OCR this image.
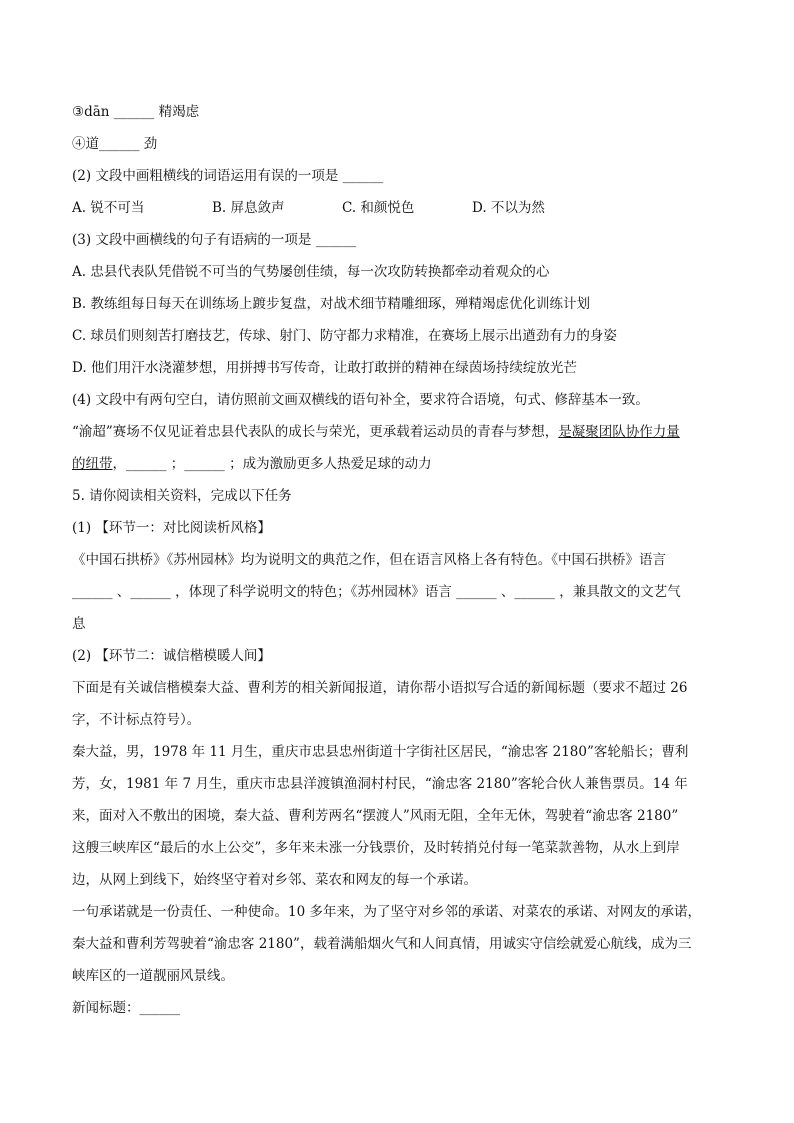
③dān ______ 精竭虑
④道______ 劲
(2) 文段中画粗横线的词语运用有误的一项是 ______
A. 锐不可当	B. 屏息敛声	C. 和颜悦色	D. 不以为然
(3) 文段中画横线的句子有语病的一项是 ______
A. 忠县代表队凭借锐不可当的气势屡创佳绩，每一次攻防转换都牵动着观众的心
B. 教练组每日每天在训练场上踱步复盘，对战术细节精雕细琢，殚精竭虑优化训练计划
C. 球员们则刻苦打磨技艺，传球、射门、防守都力求精准，在赛场上展示出遒劲有力的身姿
D. 他们用汗水浇灌梦想，用拼搏书写传奇，让敢打敢拼的精神在绿茵场持续绽放光芒
(4) 文段中有两句空白，请仿照前文画双横线的语句补全，要求符合语境，句式、修辞基本一致。
“渝超”赛场不仅见证着忠县代表队的成长与荣光，更承载着运动员的青春与梦想，是凝聚团队协作力量
的纽带，______ ；______ ；成为激励更多人热爱足球的动力
5. 请你阅读相关资料，完成以下任务
(1) 【环节一：对比阅读析风格】
《中国石拱桥》《苏州园林》均为说明文的典范之作，但在语言风格上各有特色。《中国石拱桥》语言
______ 、______ ，体现了科学说明文的特色；《苏州园林》语言 ______ 、______ ，兼具散文的文艺气
息
(2) 【环节二：诚信楷模暖人间】
下面是有关诚信楷模秦大益、曹利芳的相关新闻报道，请你帮小语拟写合适的新闻标题（要求不超过 26
字，不计标点符号）。
秦大益，男，1978 年 11 月生，重庆市忠县忠州街道十字街社区居民，“渝忠客 2180”客轮船长；曹利
芳，女，1981 年 7 月生，重庆市忠县洋渡镇渔洞村村民，“渝忠客 2180”客轮合伙人兼售票员。14 年
来，面对入不敷出的困境，秦大益、曹利芳两名“摆渡人”风雨无阻，全年无休，驾驶着“渝忠客 2180”
这艘三峡库区“最后的水上公交”，多年来未涨一分钱票价，及时转捎兑付每一笔菜款善物，从水上到岸
边，从网上到线下，始终坚守着对乡邻、菜农和网友的每一个承诺。
一句承诺就是一份责任、一种使命。10 多年来，为了坚守对乡邻的承诺、对菜农的承诺、对网友的承诺，
秦大益和曹利芳驾驶着“渝忠客 2180”，载着满船烟火气和人间真情，用诚实守信绘就爱心航线，成为三
峡库区的一道靓丽风景线。
新闻标题：______
